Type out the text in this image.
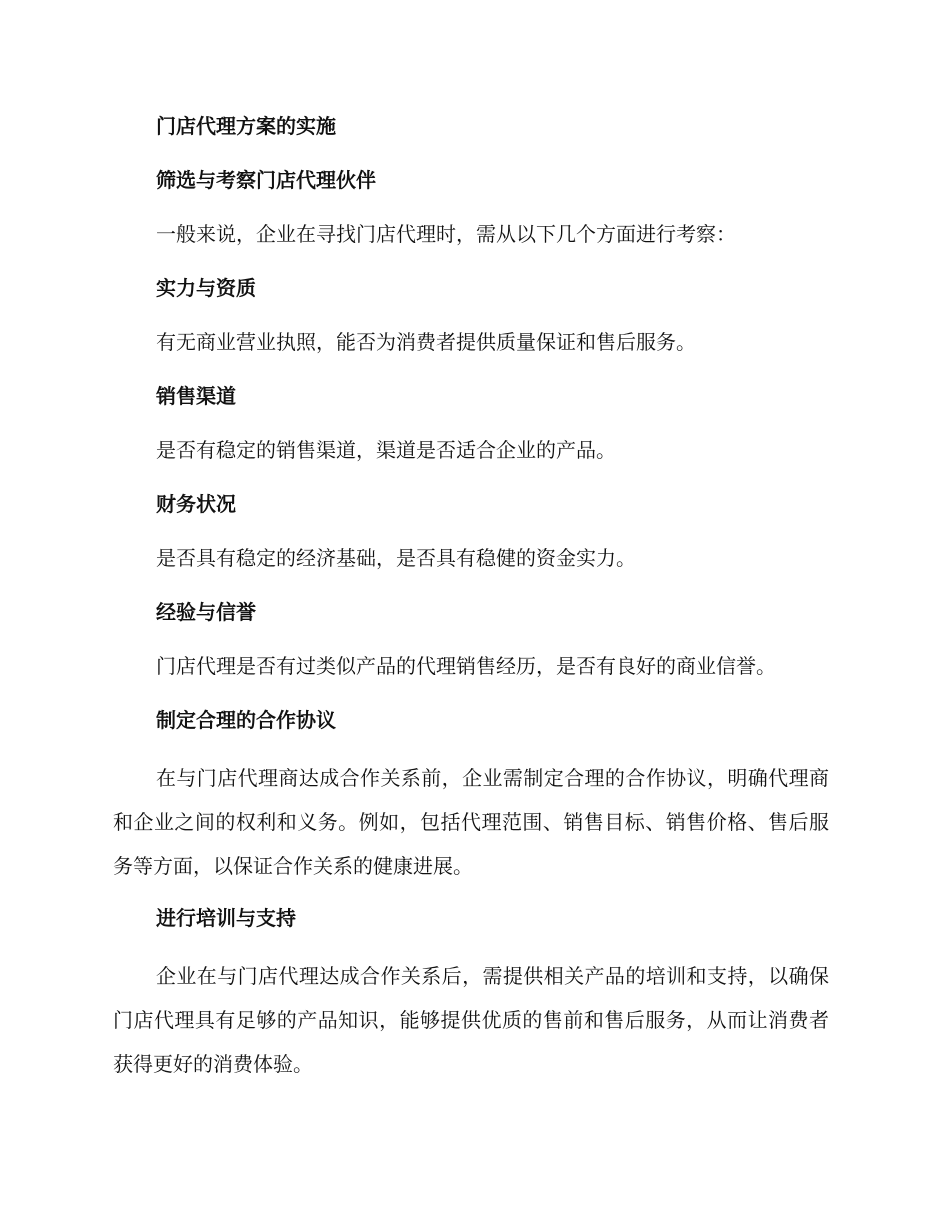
门店代理方案的实施
筛选与考察门店代理伙伴
一般来说，企业在寻找门店代理时，需从以下几个方面进行考察：
实力与资质
有无商业营业执照，能否为消费者提供质量保证和售后服务。
销售渠道
是否有稳定的销售渠道，渠道是否适合企业的产品。
财务状况
是否具有稳定的经济基础，是否具有稳健的资金实力。
经验与信誉
门店代理是否有过类似产品的代理销售经历，是否有良好的商业信誉。
制定合理的合作协议
在与门店代理商达成合作关系前，企业需制定合理的合作协议，明确代理商和企业之间的权利和义务。例如，包括代理范围、销售目标、销售价格、售后服务等方面，以保证合作关系的健康进展。
进行培训与支持
企业在与门店代理达成合作关系后，需提供相关产品的培训和支持，以确保门店代理具有足够的产品知识，能够提供优质的售前和售后服务，从而让消费者获得更好的消费体验。
